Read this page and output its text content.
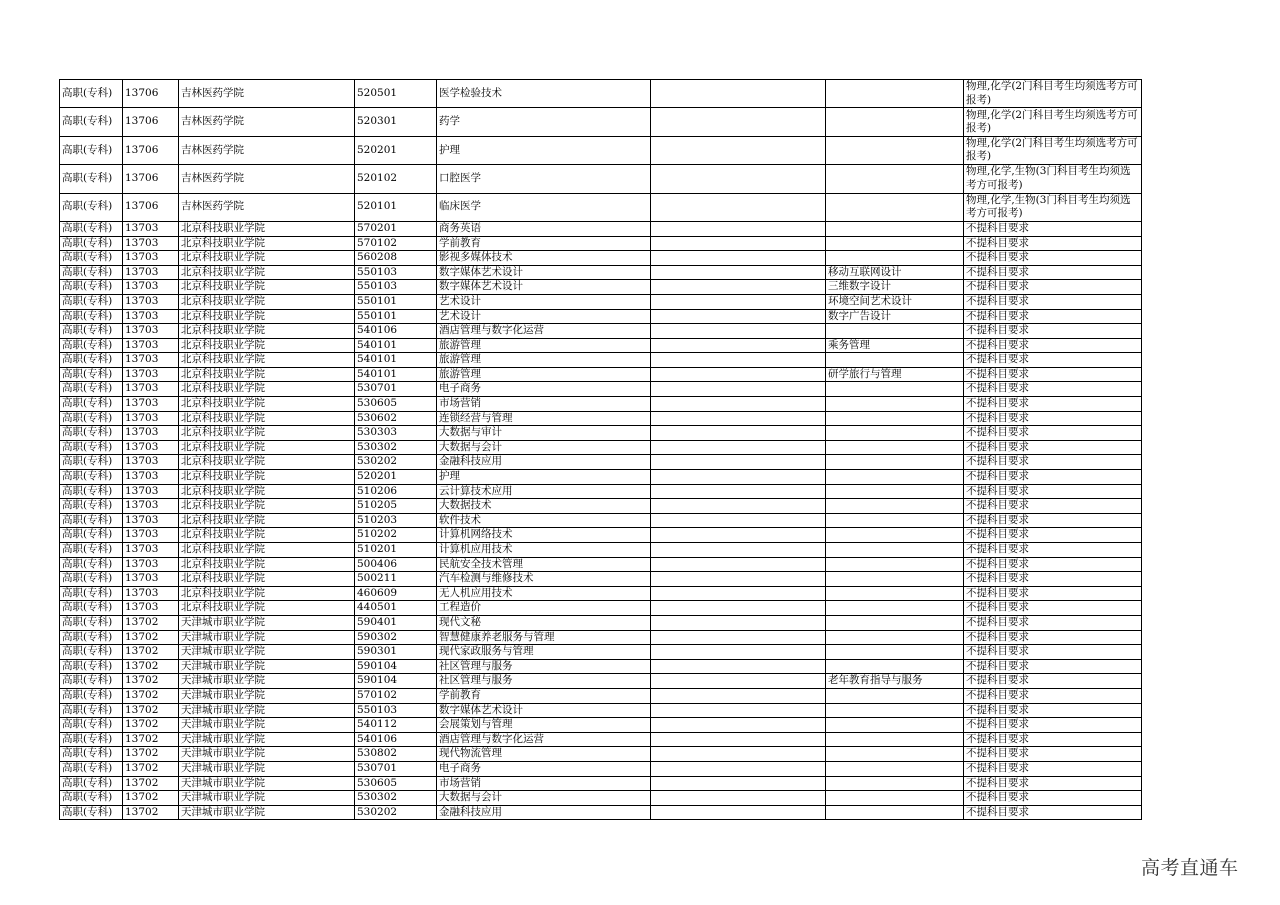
高职(专科)	13706	吉林医药学院	520501	医学检验技术			物理,化学(2门科目考生均须选考方可报考)
高职(专科)	13706	吉林医药学院	520301	药学			物理,化学(2门科目考生均须选考方可报考)
高职(专科)	13706	吉林医药学院	520201	护理			物理,化学(2门科目考生均须选考方可报考)
高职(专科)	13706	吉林医药学院	520102	口腔医学			物理,化学,生物(3门科目考生均须选考方可报考)
高职(专科)	13706	吉林医药学院	520101	临床医学			物理,化学,生物(3门科目考生均须选考方可报考)
高职(专科)	13703	北京科技职业学院	570201	商务英语			不提科目要求
高职(专科)	13703	北京科技职业学院	570102	学前教育			不提科目要求
高职(专科)	13703	北京科技职业学院	560208	影视多媒体技术			不提科目要求
高职(专科)	13703	北京科技职业学院	550103	数字媒体艺术设计		移动互联网设计	不提科目要求
高职(专科)	13703	北京科技职业学院	550103	数字媒体艺术设计		三维数字设计	不提科目要求
高职(专科)	13703	北京科技职业学院	550101	艺术设计		环境空间艺术设计	不提科目要求
高职(专科)	13703	北京科技职业学院	550101	艺术设计		数字广告设计	不提科目要求
高职(专科)	13703	北京科技职业学院	540106	酒店管理与数字化运营			不提科目要求
高职(专科)	13703	北京科技职业学院	540101	旅游管理		乘务管理	不提科目要求
高职(专科)	13703	北京科技职业学院	540101	旅游管理			不提科目要求
高职(专科)	13703	北京科技职业学院	540101	旅游管理		研学旅行与管理	不提科目要求
高职(专科)	13703	北京科技职业学院	530701	电子商务			不提科目要求
高职(专科)	13703	北京科技职业学院	530605	市场营销			不提科目要求
高职(专科)	13703	北京科技职业学院	530602	连锁经营与管理			不提科目要求
高职(专科)	13703	北京科技职业学院	530303	大数据与审计			不提科目要求
高职(专科)	13703	北京科技职业学院	530302	大数据与会计			不提科目要求
高职(专科)	13703	北京科技职业学院	530202	金融科技应用			不提科目要求
高职(专科)	13703	北京科技职业学院	520201	护理			不提科目要求
高职(专科)	13703	北京科技职业学院	510206	云计算技术应用			不提科目要求
高职(专科)	13703	北京科技职业学院	510205	大数据技术			不提科目要求
高职(专科)	13703	北京科技职业学院	510203	软件技术			不提科目要求
高职(专科)	13703	北京科技职业学院	510202	计算机网络技术			不提科目要求
高职(专科)	13703	北京科技职业学院	510201	计算机应用技术			不提科目要求
高职(专科)	13703	北京科技职业学院	500406	民航安全技术管理			不提科目要求
高职(专科)	13703	北京科技职业学院	500211	汽车检测与维修技术			不提科目要求
高职(专科)	13703	北京科技职业学院	460609	无人机应用技术			不提科目要求
高职(专科)	13703	北京科技职业学院	440501	工程造价			不提科目要求
高职(专科)	13702	天津城市职业学院	590401	现代文秘			不提科目要求
高职(专科)	13702	天津城市职业学院	590302	智慧健康养老服务与管理			不提科目要求
高职(专科)	13702	天津城市职业学院	590301	现代家政服务与管理			不提科目要求
高职(专科)	13702	天津城市职业学院	590104	社区管理与服务			不提科目要求
高职(专科)	13702	天津城市职业学院	590104	社区管理与服务		老年教育指导与服务	不提科目要求
高职(专科)	13702	天津城市职业学院	570102	学前教育			不提科目要求
高职(专科)	13702	天津城市职业学院	550103	数字媒体艺术设计			不提科目要求
高职(专科)	13702	天津城市职业学院	540112	会展策划与管理			不提科目要求
高职(专科)	13702	天津城市职业学院	540106	酒店管理与数字化运营			不提科目要求
高职(专科)	13702	天津城市职业学院	530802	现代物流管理			不提科目要求
高职(专科)	13702	天津城市职业学院	530701	电子商务			不提科目要求
高职(专科)	13702	天津城市职业学院	530605	市场营销			不提科目要求
高职(专科)	13702	天津城市职业学院	530302	大数据与会计			不提科目要求
高职(专科)	13702	天津城市职业学院	530202	金融科技应用			不提科目要求
高考直通车
